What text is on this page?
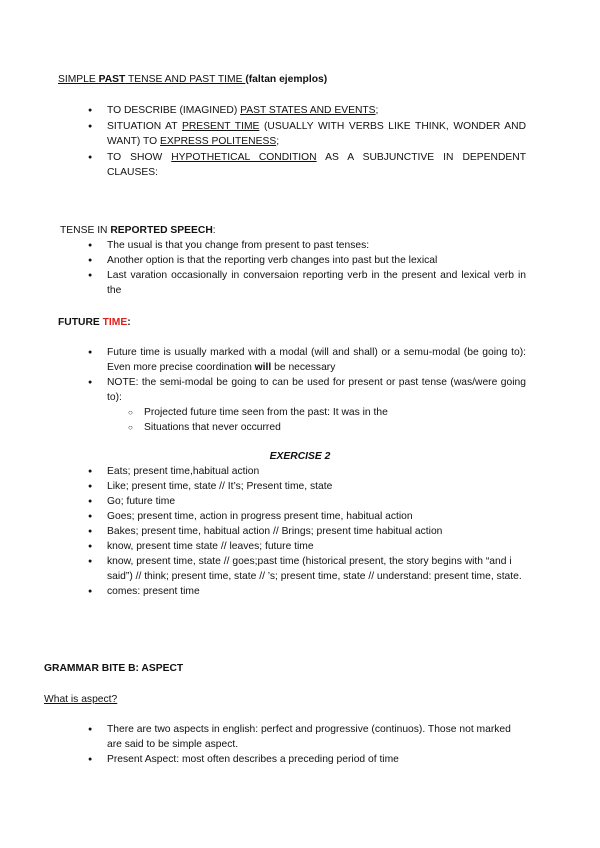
SIMPLE PAST TENSE AND PAST TIME (faltan ejemplos)
● TO DESCRIBE (IMAGINED) PAST STATES AND EVENTS;
● SITUATION AT PRESENT TIME (USUALLY WITH VERBS LIKE THINK, WONDER AND WANT) TO EXPRESS POLITENESS;
● TO SHOW HYPOTHETICAL CONDITION AS A SUBJUNCTIVE IN DEPENDENT CLAUSES:
TENSE IN REPORTED SPEECH:
● The usual is that you change from present to past tenses:
● Another option is that the reporting verb changes into past but the lexical
● Last varation occasionally in conversaion reporting verb in the present and lexical verb in the
FUTURE TIME:
● Future time is usually marked with a modal (will and shall) or a semu-modal (be going to): Even more precise coordination will be necessary
● NOTE: the semi-modal be going to can be used for present or past tense (was/were going to):
○ Projected future time seen from the past: It was in the
○ Situations that never occurred
EXERCISE 2
● Eats; present time,habitual action
● Like; present time, state // It’s; Present time, state
● Go; future time
● Goes; present time, action in progress present time, habitual action
● Bakes; present time, habitual action // Brings; present time habitual action
● know, present time state // leaves; future time
● know, present time, state // goes;past time (historical present, the story begins with “and i said”) // think; present time, state // ’s; present time, state // understand: present time, state.
● comes: present time
GRAMMAR BITE B: ASPECT
What is aspect?
● There are two aspects in english: perfect and progressive (continuos). Those not marked are said to be simple aspect.
● Present Aspect: most often describes a preceding period of time
